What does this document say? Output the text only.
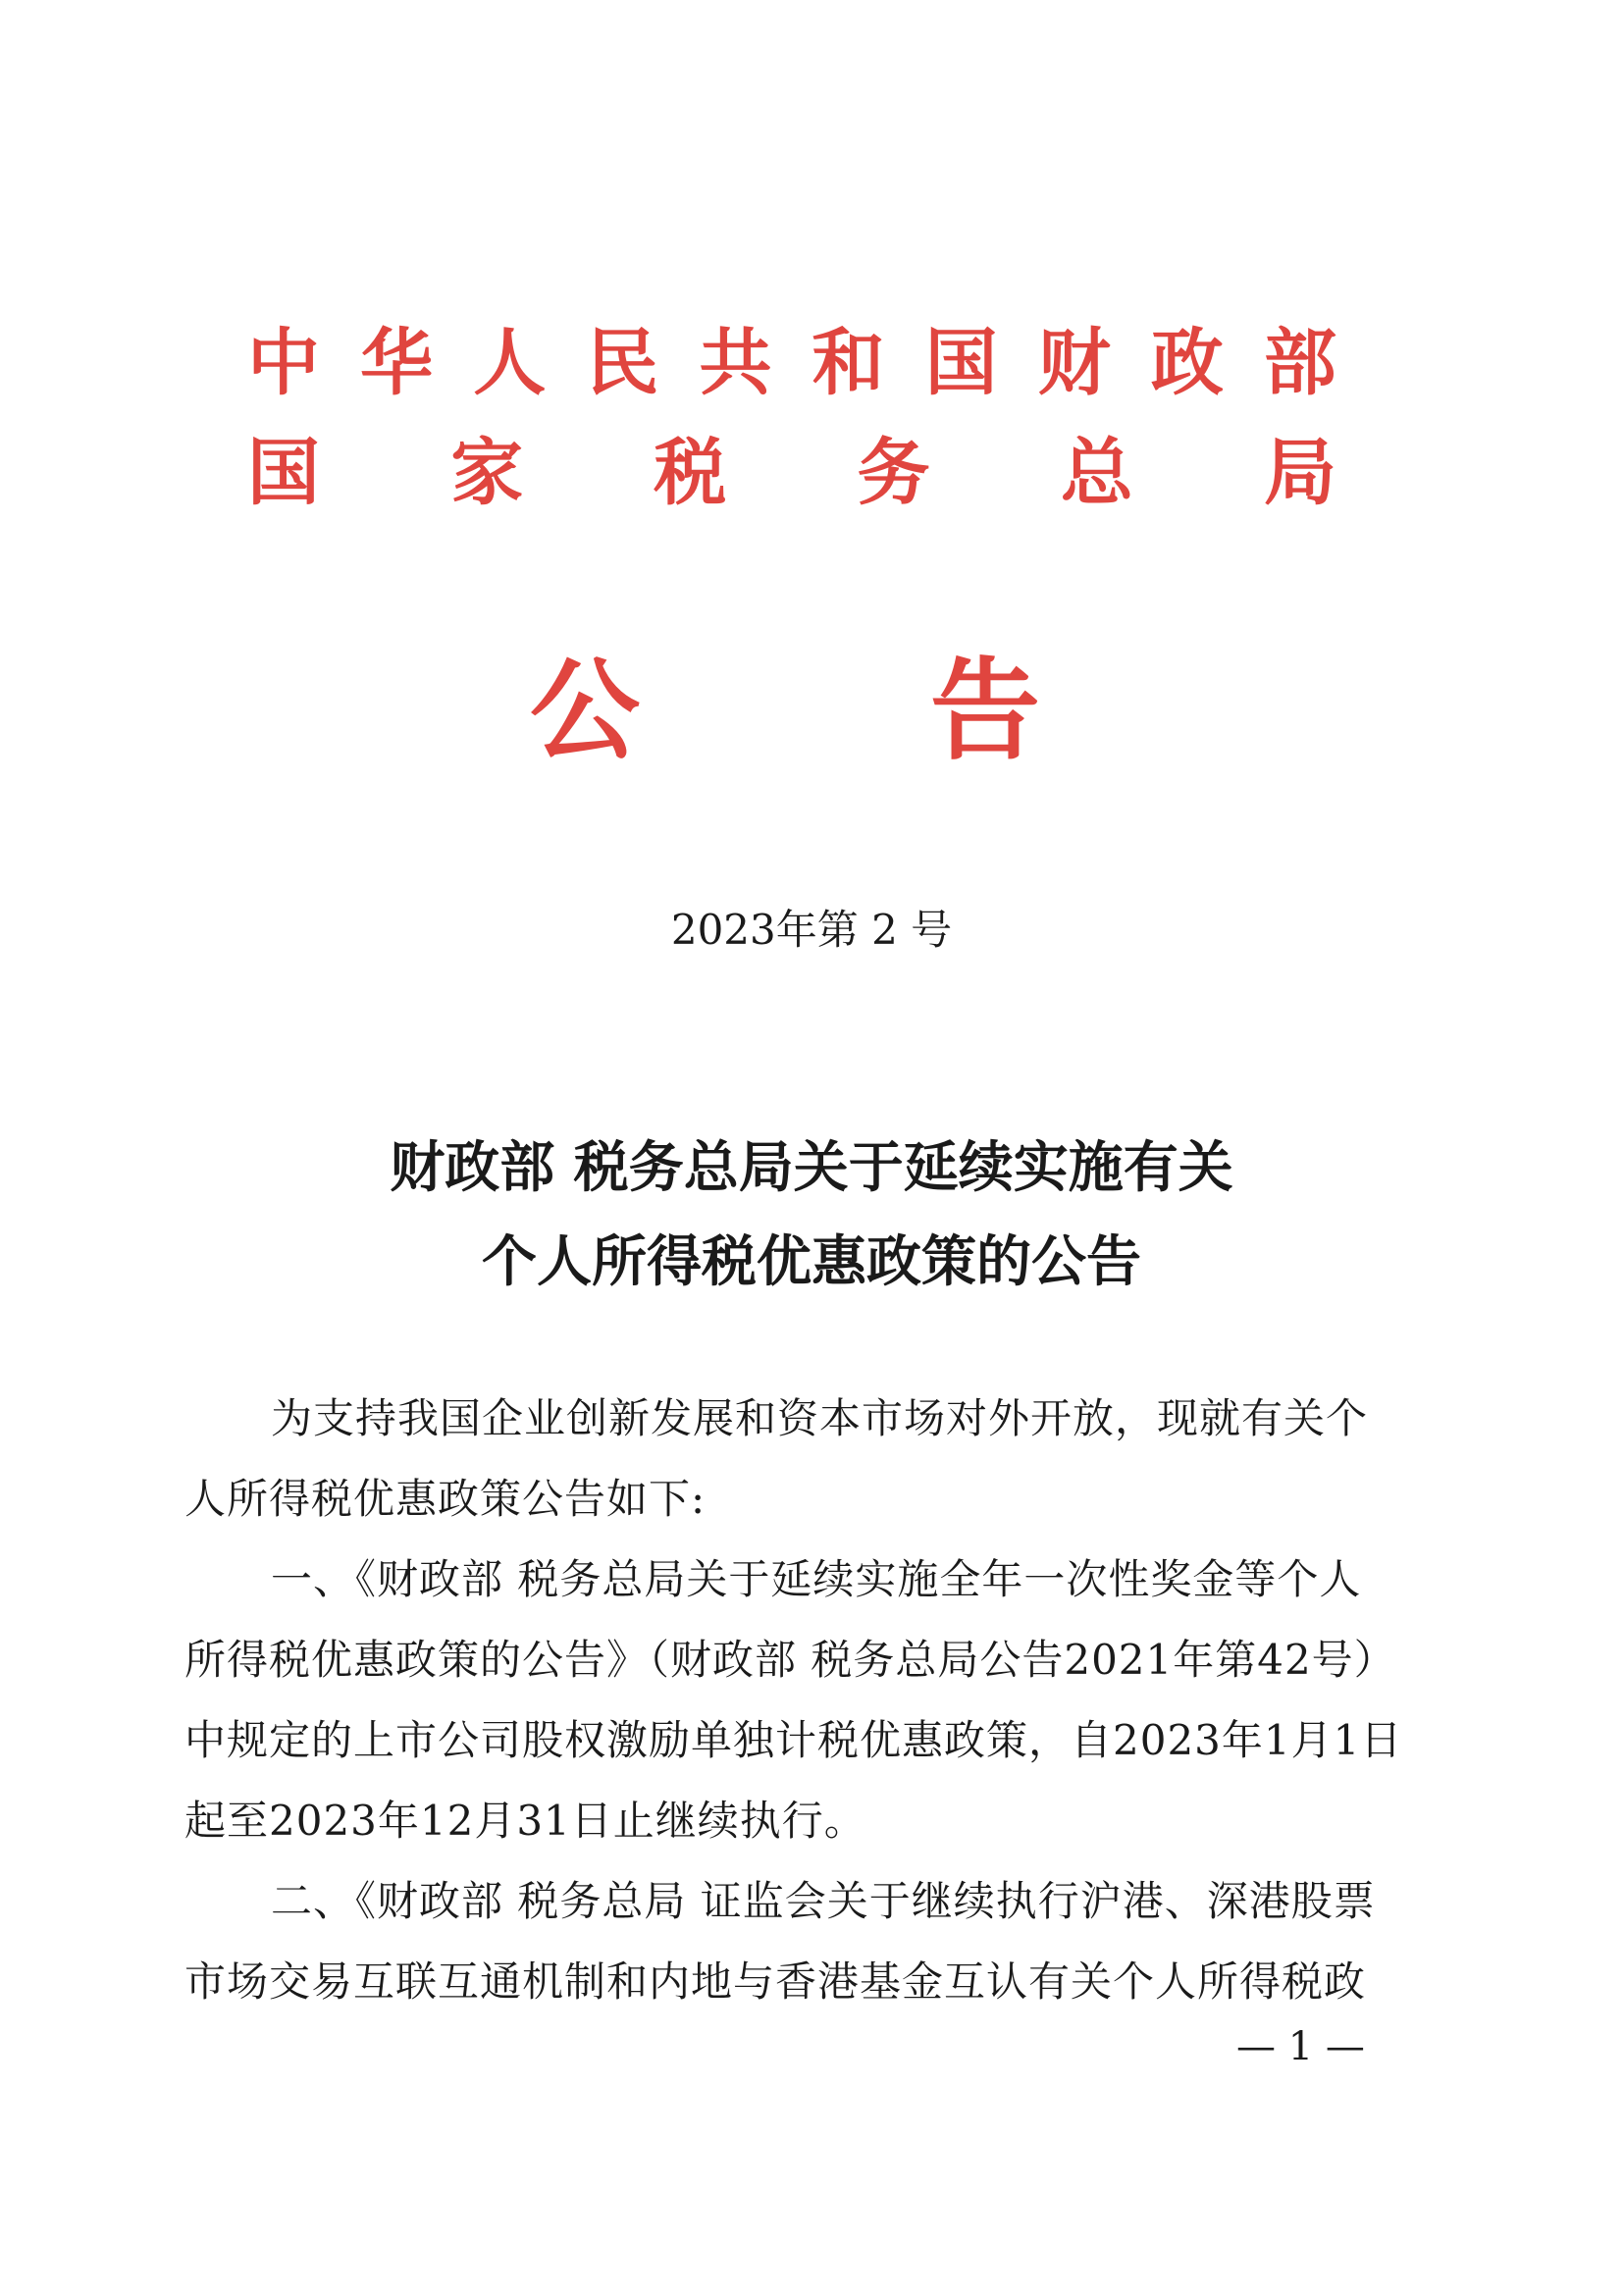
中 华 人 民 共 和 国 财 政 部
国 家 税 务 总 局
公	告
2023年第 2 号
财政部 税务总局关于延续实施有关
个人所得税优惠政策的公告
为支持我国企业创新发展和资本市场对外开放，现就有关个
人所得税优惠政策公告如下:
一、《财政部 税务总局关于延续实施全年一次性奖金等个人
所得税优惠政策的公告》（财政部 税务总局公告2021年第42号）
中规定的上市公司股权激励单独计税优惠政策，自2023年1月1日
起至2023年12月31日止继续执行。
二、《财政部 税务总局 证监会关于继续执行沪港、深港股票
市场交易互联互通机制和内地与香港基金互认有关个人所得税政
— 1 —
